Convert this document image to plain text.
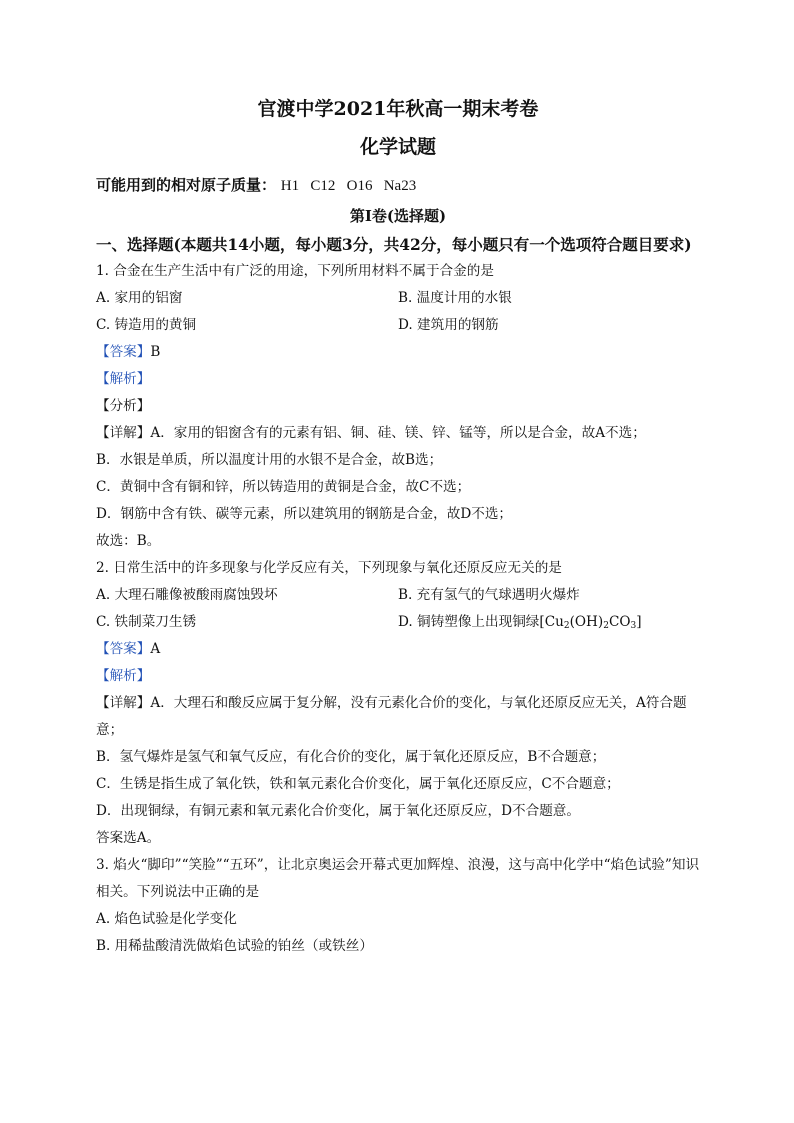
官渡中学2021年秋高一期末考卷
化学试题
可能用到的相对原子质量： H1   C12   O16   Na23
第Ⅰ卷(选择题)
一、选择题(本题共14小题，每小题3分，共42分，每小题只有一个选项符合题目要求)
1. 合金在生产生活中有广泛的用途，下列所用材料不属于合金的是
A. 家用的铝窗	B. 温度计用的水银
C. 铸造用的黄铜	D. 建筑用的钢筋
【答案】B
【解析】
【分析】
【详解】A．家用的铝窗含有的元素有铝、铜、硅、镁、锌、锰等，所以是合金，故A不选；
B．水银是单质，所以温度计用的水银不是合金，故B选；
C．黄铜中含有铜和锌，所以铸造用的黄铜是合金，故C不选；
D．钢筋中含有铁、碳等元素，所以建筑用的钢筋是合金，故D不选；
故选：B。
2. 日常生活中的许多现象与化学反应有关，下列现象与氧化还原反应无关的是
A. 大理石雕像被酸雨腐蚀毁坏	B. 充有氢气的气球遇明火爆炸
C. 铁制菜刀生锈	D. 铜铸塑像上出现铜绿$[Cu_2(OH)_2CO_3]$
【答案】A
【解析】
【详解】A．大理石和酸反应属于复分解，没有元素化合价的变化，与氧化还原反应无关，A符合题意；
B．氢气爆炸是氢气和氧气反应，有化合价的变化，属于氧化还原反应，B不合题意；
C．生锈是指生成了氧化铁，铁和氧元素化合价变化，属于氧化还原反应，C不合题意；
D．出现铜绿，有铜元素和氧元素化合价变化，属于氧化还原反应，D不合题意。
答案选A。
3. 焰火“脚印”“笑脸”“五环”，让北京奥运会开幕式更加辉煌、浪漫，这与高中化学中“焰色试验”知识相关。下列说法中正确的是
A. 焰色试验是化学变化
B. 用稀盐酸清洗做焰色试验的铂丝（或铁丝）
